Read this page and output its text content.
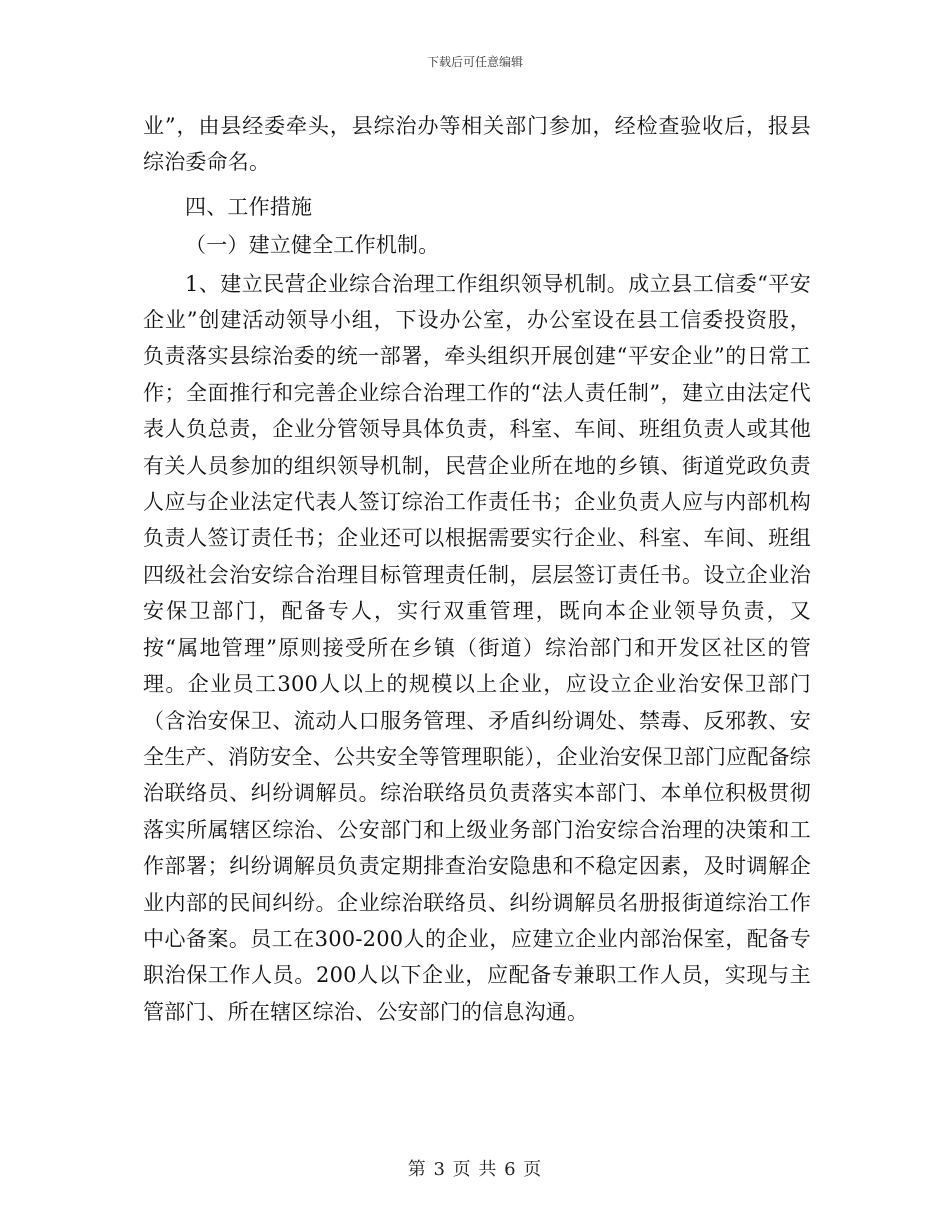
下载后可任意编辑

业”，由县经委牵头，县综治办等相关部门参加，经检查验收后，报县综治委命名。

四、工作措施

（一）建立健全工作机制。

1、建立民营企业综合治理工作组织领导机制。成立县工信委“平安企业”创建活动领导小组，下设办公室，办公室设在县工信委投资股，负责落实县综治委的统一部署，牵头组织开展创建“平安企业”的日常工作；全面推行和完善企业综合治理工作的“法人责任制”，建立由法定代表人负总责，企业分管领导具体负责，科室、车间、班组负责人或其他有关人员参加的组织领导机制，民营企业所在地的乡镇、街道党政负责人应与企业法定代表人签订综治工作责任书；企业负责人应与内部机构负责人签订责任书；企业还可以根据需要实行企业、科室、车间、班组四级社会治安综合治理目标管理责任制，层层签订责任书。设立企业治安保卫部门，配备专人，实行双重管理，既向本企业领导负责，又按“属地管理”原则接受所在乡镇（街道）综治部门和开发区社区的管理。企业员工300人以上的规模以上企业，应设立企业治安保卫部门（含治安保卫、流动人口服务管理、矛盾纠纷调处、禁毒、反邪教、安全生产、消防安全、公共安全等管理职能），企业治安保卫部门应配备综治联络员、纠纷调解员。综治联络员负责落实本部门、本单位积极贯彻落实所属辖区综治、公安部门和上级业务部门治安综合治理的决策和工作部署；纠纷调解员负责定期排查治安隐患和不稳定因素，及时调解企业内部的民间纠纷。企业综治联络员、纠纷调解员名册报街道综治工作中心备案。员工在300-200人的企业，应建立企业内部治保室，配备专职治保工作人员。200人以下企业，应配备专兼职工作人员，实现与主管部门、所在辖区综治、公安部门的信息沟通。

第 3 页 共 6 页
